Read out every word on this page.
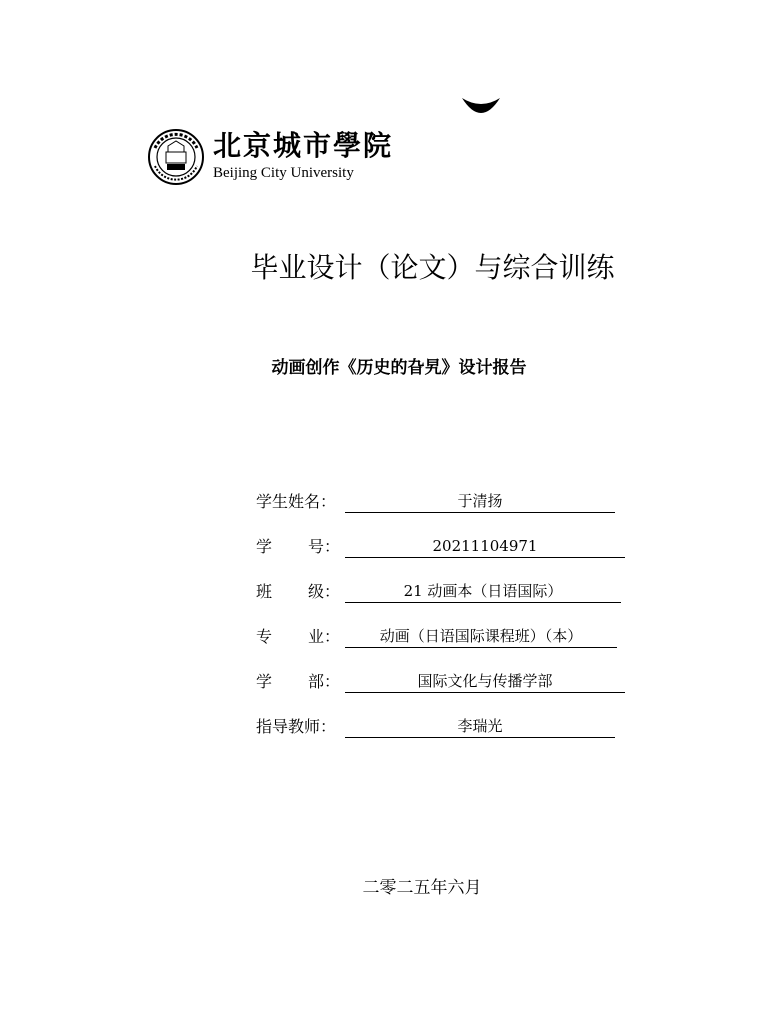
北京城市學院
Beijing City University
毕业设计（论文）与综合训练
动画创作《历史的旮旯》设计报告
学生姓名：	于清扬
学 号：	20211104971
班 级：	21 动画本（日语国际）
专 业：	动画（日语国际课程班）（本）
学 部：	国际文化与传播学部
指导教师：	李瑞光
二零二五年六月
